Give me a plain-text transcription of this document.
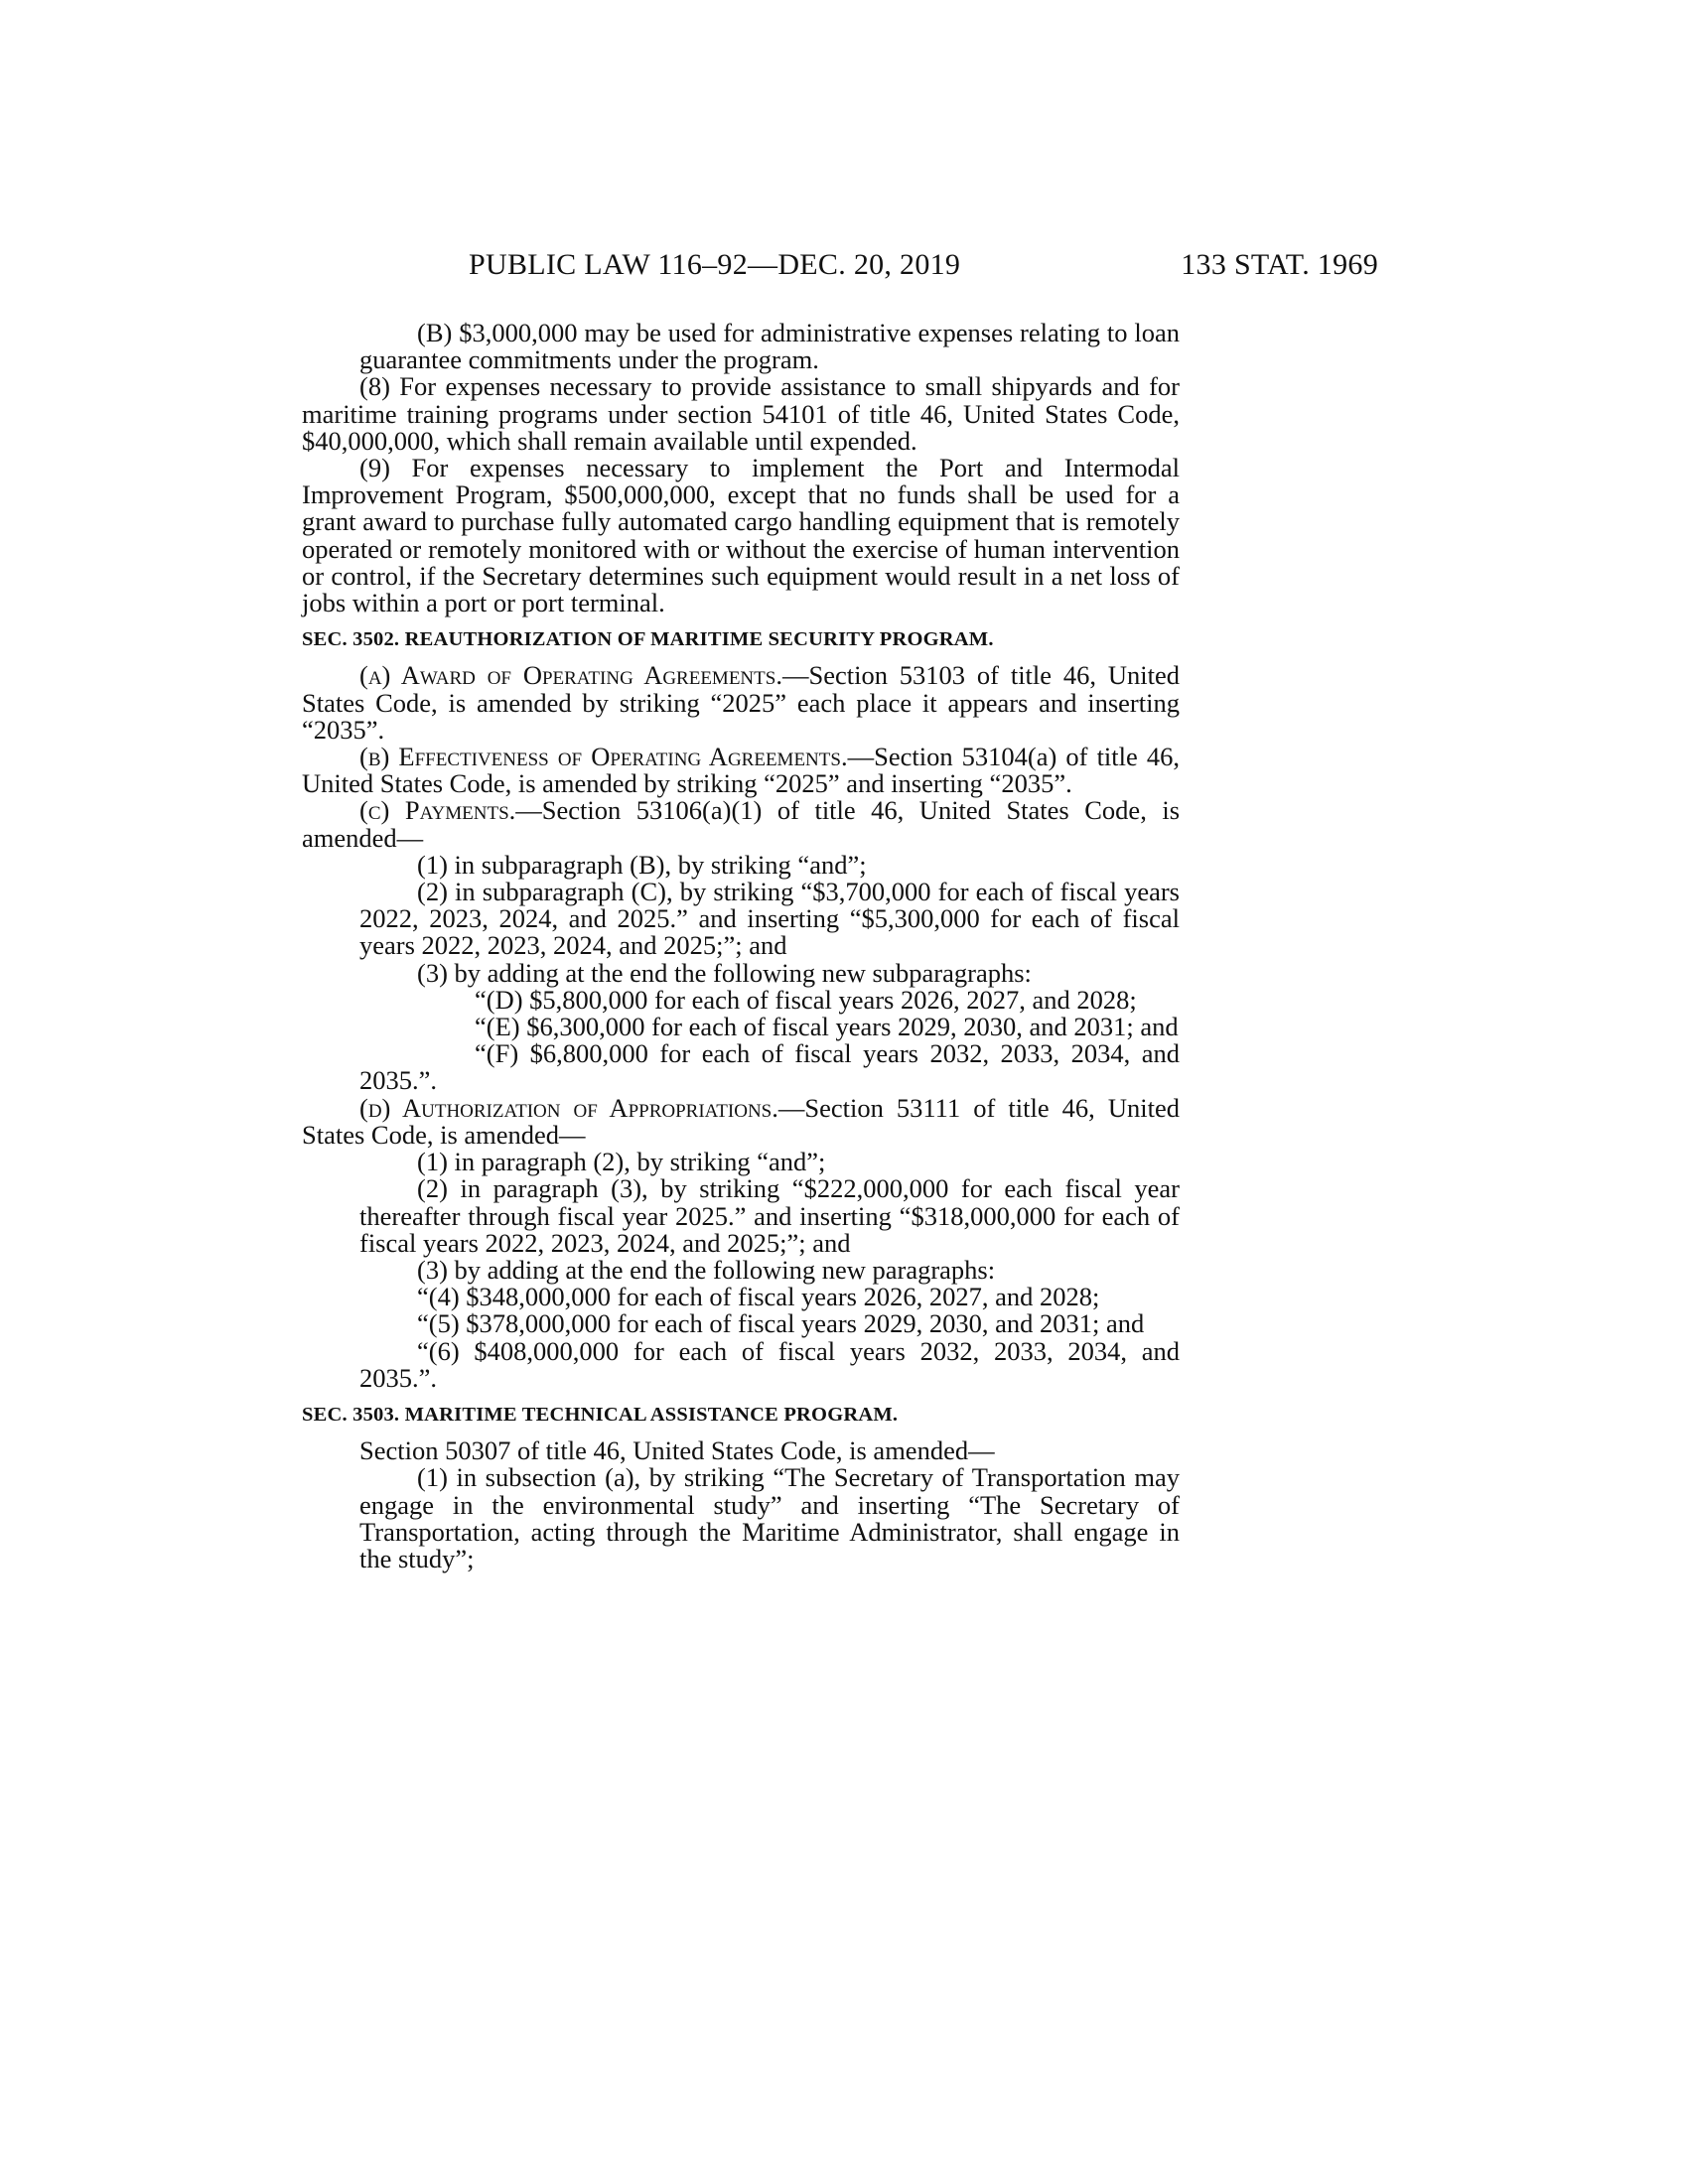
PUBLIC LAW 116–92—DEC. 20, 2019	133 STAT. 1969

(B) $3,000,000 may be used for administrative expenses relating to loan guarantee commitments under the program.

(8) For expenses necessary to provide assistance to small shipyards and for maritime training programs under section 54101 of title 46, United States Code, $40,000,000, which shall remain available until expended.

(9) For expenses necessary to implement the Port and Intermodal Improvement Program, $500,000,000, except that no funds shall be used for a grant award to purchase fully automated cargo handling equipment that is remotely operated or remotely monitored with or without the exercise of human intervention or control, if the Secretary determines such equipment would result in a net loss of jobs within a port or port terminal.

SEC. 3502. REAUTHORIZATION OF MARITIME SECURITY PROGRAM.

(a) Award of Operating Agreements.—Section 53103 of title 46, United States Code, is amended by striking “2025” each place it appears and inserting “2035”.

(b) Effectiveness of Operating Agreements.—Section 53104(a) of title 46, United States Code, is amended by striking “2025” and inserting “2035”.

(c) Payments.—Section 53106(a)(1) of title 46, United States Code, is amended—

(1) in subparagraph (B), by striking “and”;

(2) in subparagraph (C), by striking “$3,700,000 for each of fiscal years 2022, 2023, 2024, and 2025.” and inserting “$5,300,000 for each of fiscal years 2022, 2023, 2024, and 2025;”; and

(3) by adding at the end the following new subparagraphs:

“(D) $5,800,000 for each of fiscal years 2026, 2027, and 2028;

“(E) $6,300,000 for each of fiscal years 2029, 2030, and 2031; and

“(F) $6,800,000 for each of fiscal years 2032, 2033, 2034, and 2035.”.

(d) Authorization of Appropriations.—Section 53111 of title 46, United States Code, is amended—

(1) in paragraph (2), by striking “and”;

(2) in paragraph (3), by striking “$222,000,000 for each fiscal year thereafter through fiscal year 2025.” and inserting “$318,000,000 for each of fiscal years 2022, 2023, 2024, and 2025;”; and

(3) by adding at the end the following new paragraphs:

“(4) $348,000,000 for each of fiscal years 2026, 2027, and 2028;

“(5) $378,000,000 for each of fiscal years 2029, 2030, and 2031; and

“(6) $408,000,000 for each of fiscal years 2032, 2033, 2034, and 2035.”.

SEC. 3503. MARITIME TECHNICAL ASSISTANCE PROGRAM.

Section 50307 of title 46, United States Code, is amended—

(1) in subsection (a), by striking “The Secretary of Transportation may engage in the environmental study” and inserting “The Secretary of Transportation, acting through the Maritime Administrator, shall engage in the study”;
